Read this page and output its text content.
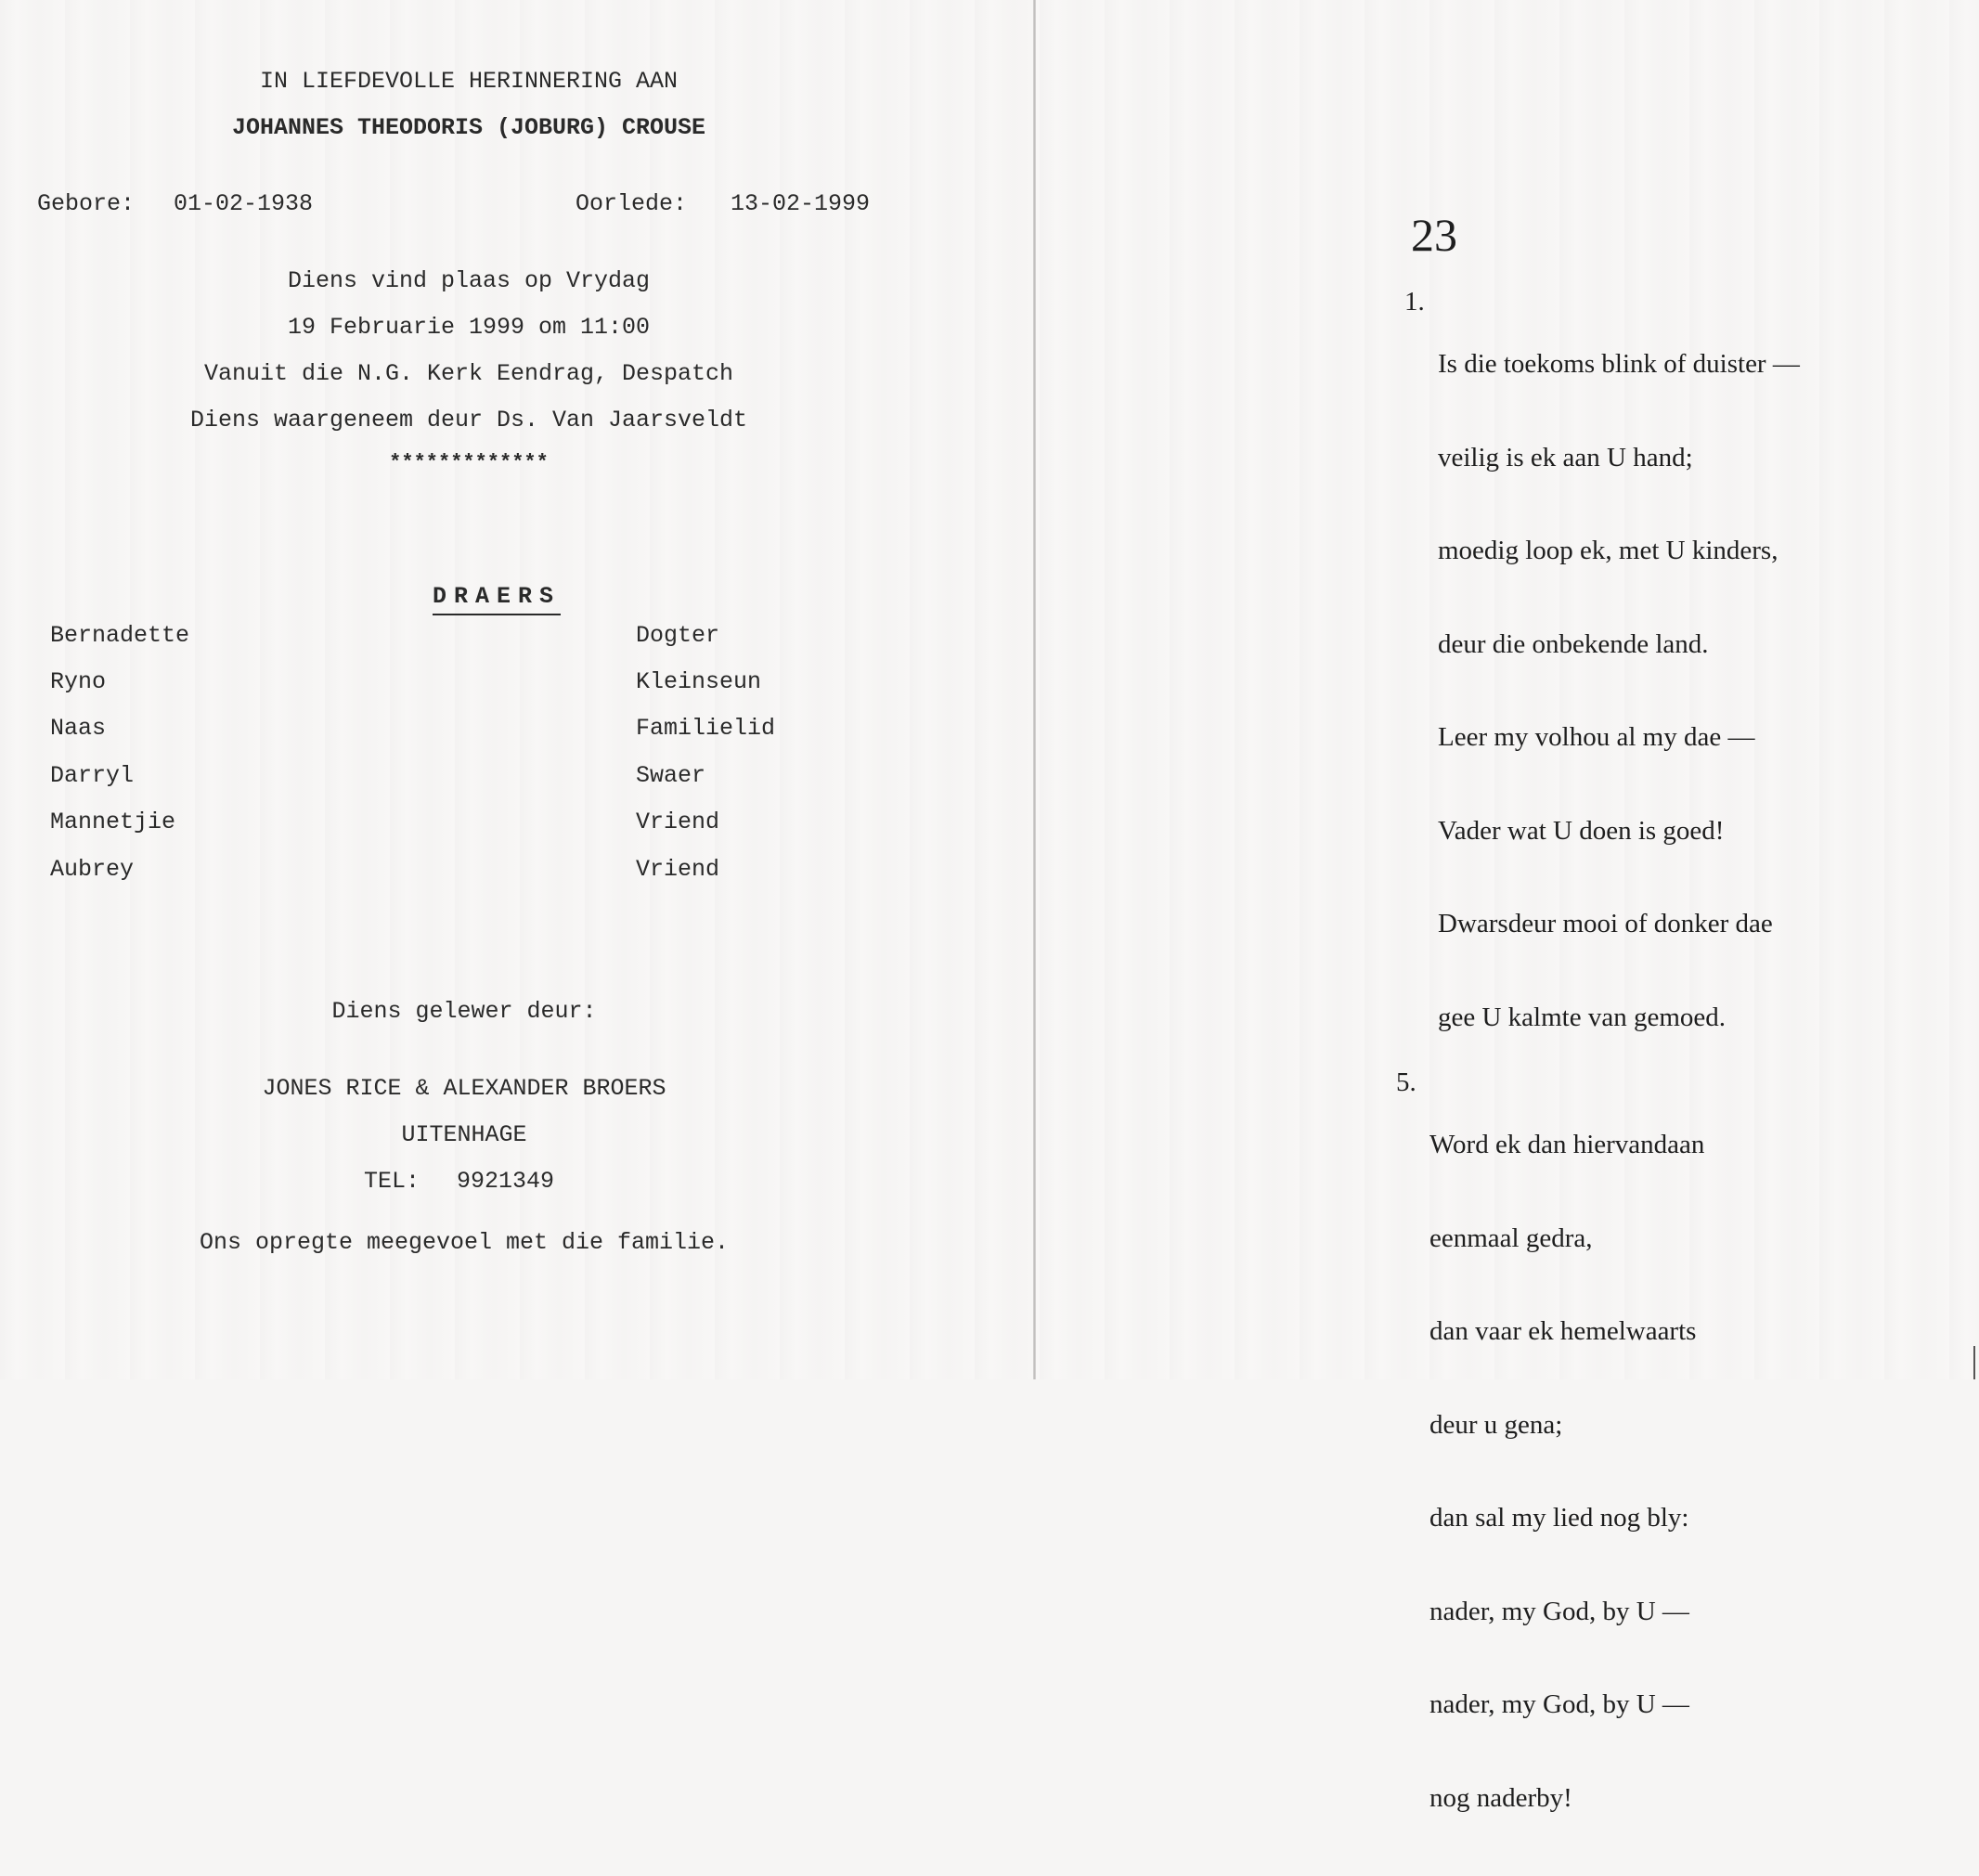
IN LIEFDEVOLLE HERINNERING AAN
JOHANNES THEODORIS (JOBURG) CROUSE
Gebore: 01-02-1938	Oorlede: 13-02-1999
Diens vind plaas op Vrydag
19 Februarie 1999 om 11:00
Vanuit die N.G. Kerk Eendrag, Despatch
Diens waargeneem deur Ds. Van Jaarsveldt
*************

DRAERS

Bernadette	Dogter
Ryno	Kleinseun
Naas	Familielid
Darryl	Swaer
Mannetjie	Vriend
Aubrey	Vriend
Diens gelewer deur:
JONES RICE & ALEXANDER BROERS
UITENHAGE
TEL: 9921349
Ons opregte meegevoel met die familie.
23

1.

Is die toekoms blink of duister —

veilig is ek aan U hand;

moedig loop ek, met U kinders,

deur die onbekende land.

Leer my volhou al my dae —

Vader wat U doen is goed!

Dwarsdeur mooi of donker dae

gee U kalmte van gemoed.

5.

Word ek dan hiervandaan

eenmaal gedra,

dan vaar ek hemelwaarts

deur u gena;

dan sal my lied nog bly:

nader, my God, by U —

nader, my God, by U —

nog naderby!
